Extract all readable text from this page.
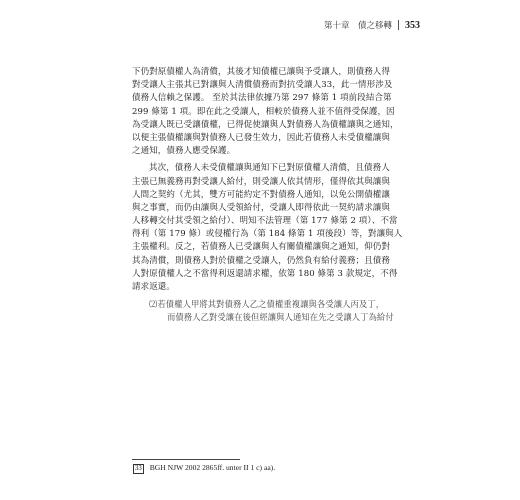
第十章　債之移轉 353
下仍對原債權人為清償，其後才知債權已讓與予受讓人，則債務人得
對受讓人主張其已對讓與人清償債務而對抗受讓人33，此一情形涉及
債務人信賴之保護。 至於其法律依據乃第 297 條第 1 項前段結合第
299 條第 1 項。即在此之受讓人，相較於債務人並不值得受保護，因
為受讓人既已受讓債權，已得促使讓與人對債務人為債權讓與之通知，
以便主張債權讓與對債務人已發生效力，因此若債務人未受債權讓與
之通知，債務人應受保護。
其次，債務人未受債權讓與通知下已對原債權人清償，且債務人
主張已無義務再對受讓人給付，則受讓人依其情形，僅得依其與讓與
人間之契約（尤其，雙方可能約定不對債務人通知，以免公開債權讓
與之事實，而仍由讓與人受領給付，受讓人即得依此一契約請求讓與
人移轉交付其受領之給付）、明知不法管理（第 177 條第 2 項）、不當
得利（第 179 條）或侵權行為（第 184 條第 1 項後段）等，對讓與人
主張權利。反之，若債務人已受讓與人有關債權讓與之通知，仰仍對
其為清償，則債務人對於債權之受讓人，仍然負有給付義務；且債務
人對原債權人之不當得利返還請求權，依第 180 條第 3 款規定，不得
請求返還。
⑵若債權人甲將其對債務人乙之債權重複讓與各受讓人丙及丁，
而債務人乙對受讓在後但經讓與人通知在先之受讓人丁為給付
33 BGH NJW 2002 2865ff. unter II 1 c) aa).
